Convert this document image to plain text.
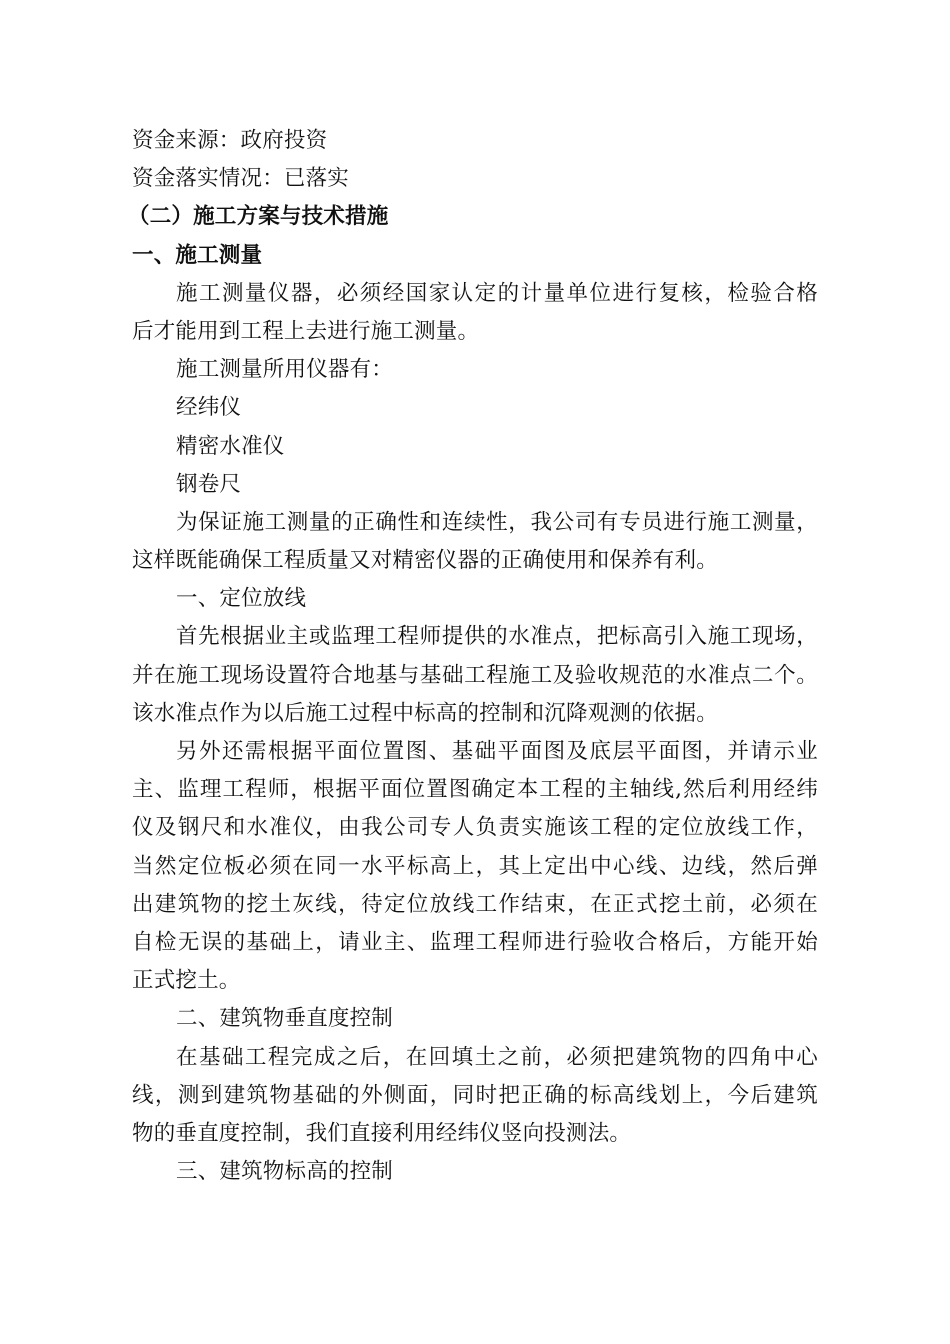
资金来源：政府投资
资金落实情况：已落实
（二）施工方案与技术措施
一、施工测量
施工测量仪器，必须经国家认定的计量单位进行复核，检验合格
后才能用到工程上去进行施工测量。
施工测量所用仪器有：
经纬仪
精密水准仪
钢卷尺
为保证施工测量的正确性和连续性，我公司有专员进行施工测量，
这样既能确保工程质量又对精密仪器的正确使用和保养有利。
一、定位放线
首先根据业主或监理工程师提供的水准点，把标高引入施工现场，
并在施工现场设置符合地基与基础工程施工及验收规范的水准点二个。
该水准点作为以后施工过程中标高的控制和沉降观测的依据。
另外还需根据平面位置图、基础平面图及底层平面图，并请示业
主、监理工程师，根据平面位置图确定本工程的主轴线,然后利用经纬
仪及钢尺和水准仪，由我公司专人负责实施该工程的定位放线工作，
当然定位板必须在同一水平标高上，其上定出中心线、边线，然后弹
出建筑物的挖土灰线，待定位放线工作结束，在正式挖土前，必须在
自检无误的基础上，请业主、监理工程师进行验收合格后，方能开始
正式挖土。
二、建筑物垂直度控制
在基础工程完成之后，在回填土之前，必须把建筑物的四角中心
线，测到建筑物基础的外侧面，同时把正确的标高线划上，今后建筑
物的垂直度控制，我们直接利用经纬仪竖向投测法。
三、建筑物标高的控制
